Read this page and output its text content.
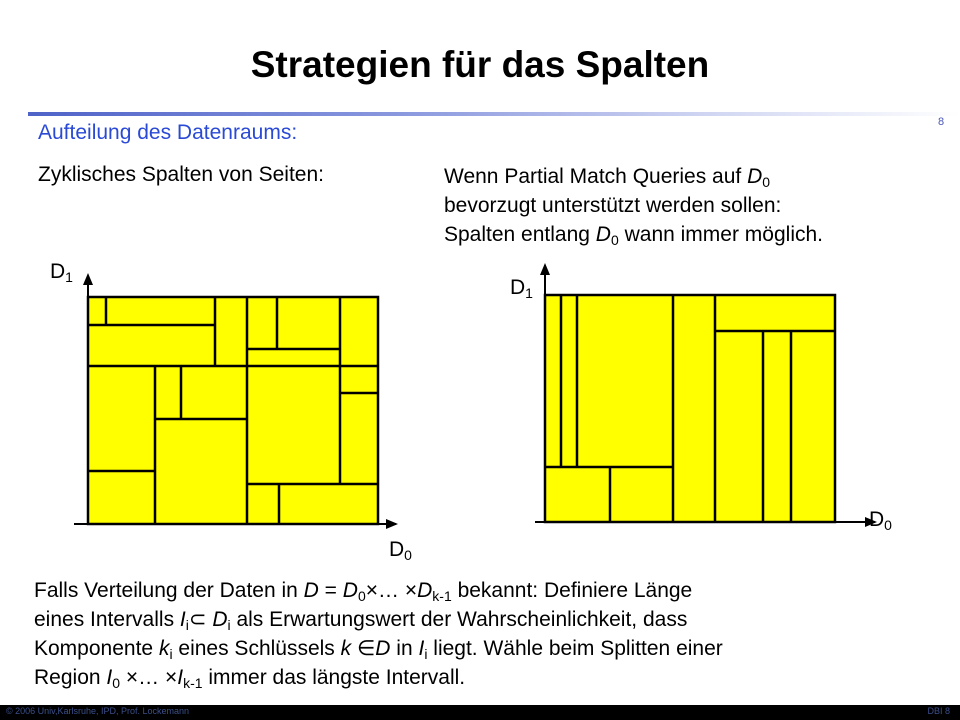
Strategien für das Spalten
8
Aufteilung des Datenraums:
Zyklisches Spalten von Seiten:	Wenn Partial Match Queries auf $D_0$
bevorzugt unterstützt werden sollen:
Spalten entlang $D_0$ wann immer möglich.
$D_1$
$D_0$
$D_1$
$D_0$
Falls Verteilung der Daten in $D = D_0\times\dots \times D_{k-1}$ bekannt: Definiere Länge
eines Intervalls $I_i\subset$ $D_i$ als Erwartungswert der Wahrscheinlichkeit, dass
Komponente $k_i$ eines Schlüssels k ∈D in $I_i$ liegt. Wähle beim Splitten einer
Region $I_0$ ×… $\times I_{k-1}$ immer das längste Intervall.
© 2006 Univ,Karlsruhe, IPD, Prof. Lockemann	DBI 8
